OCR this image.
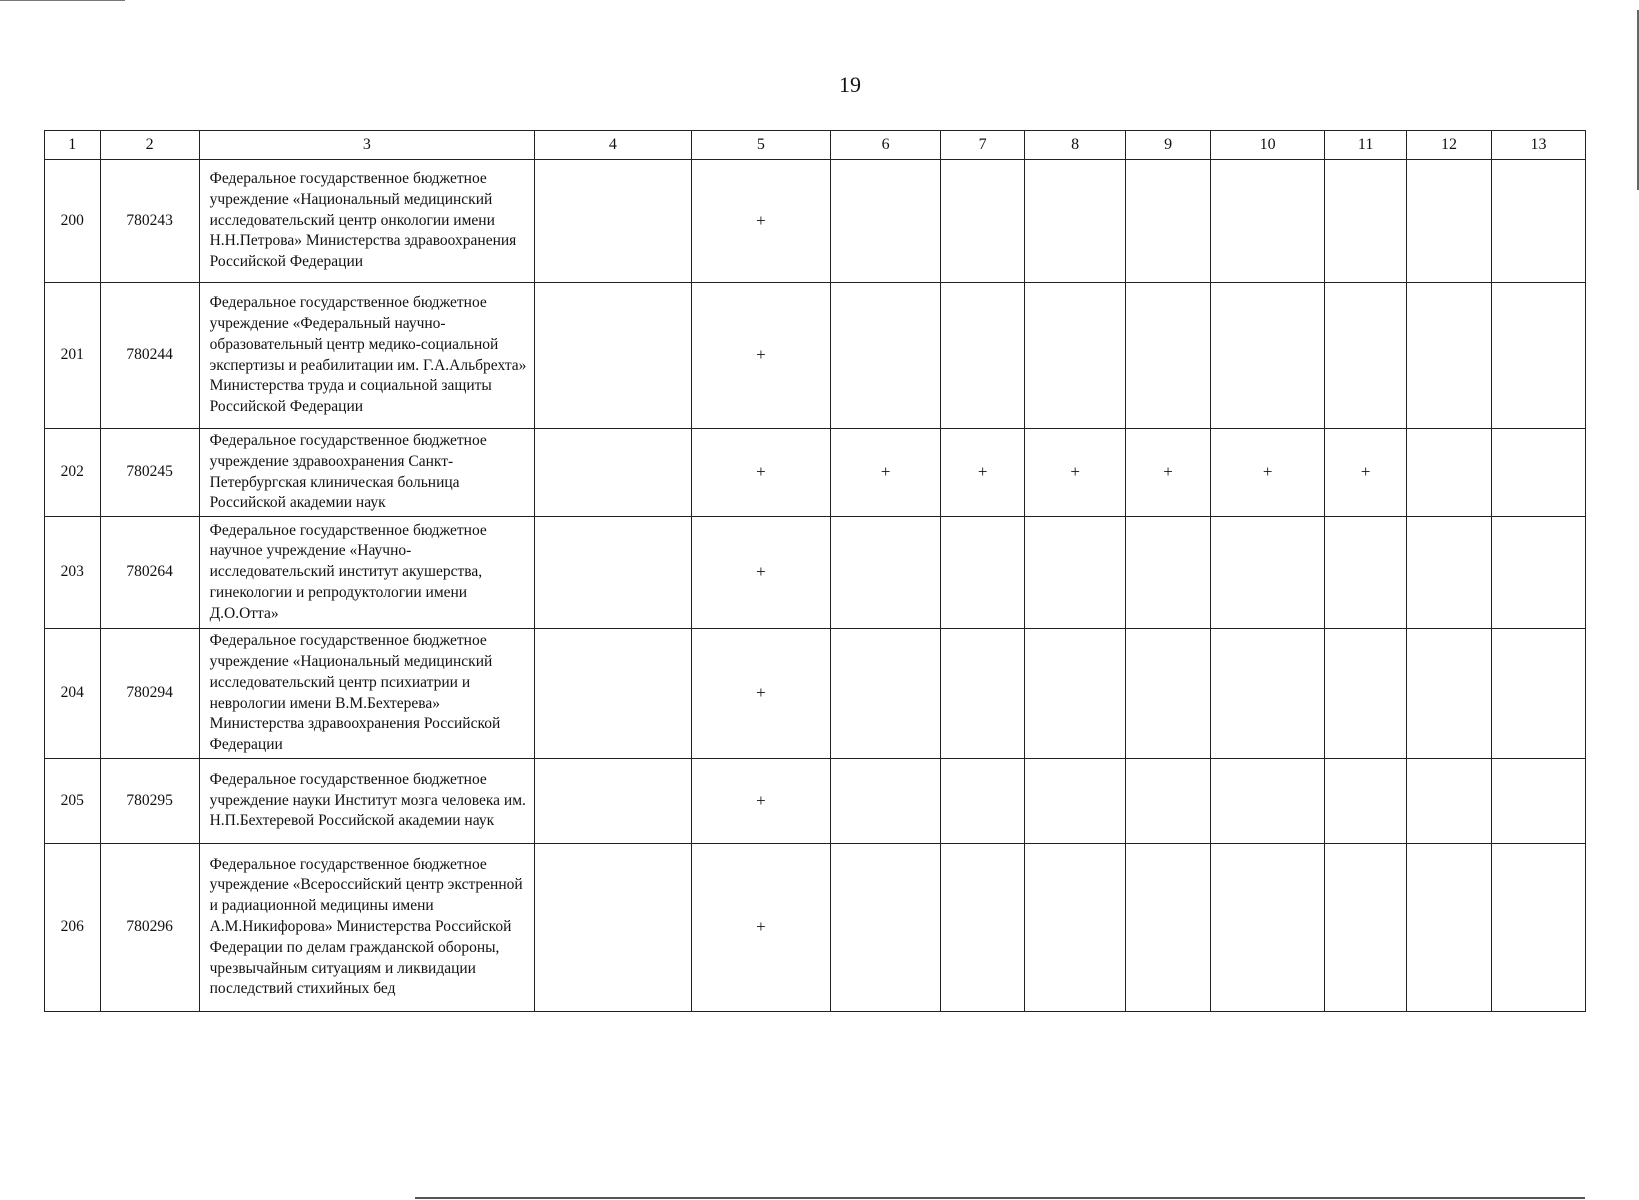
19
1	2	3	4	5	6	7	8	9	10	11	12	13
200	780243	Федеральное государственное бюджетное учреждение «Национальный медицинский исследовательский центр онкологии имени Н.Н.Петрова» Министерства здравоохранения Российской Федерации		+								
201	780244	Федеральное государственное бюджетное учреждение «Федеральный научно-образовательный центр медико-социальной экспертизы и реабилитации им. Г.А.Альбрехта» Министерства труда и социальной защиты Российской Федерации		+								
202	780245	Федеральное государственное бюджетное учреждение здравоохранения Санкт-Петербургская клиническая больница Российской академии наук		+	+	+	+	+	+	+		
203	780264	Федеральное государственное бюджетное научное учреждение «Научно-исследовательский институт акушерства, гинекологии и репродуктологии имени Д.О.Отта»		+								
204	780294	Федеральное государственное бюджетное учреждение «Национальный медицинский исследовательский центр психиатрии и неврологии имени В.М.Бехтерева» Министерства здравоохранения Российской Федерации		+								
205	780295	Федеральное государственное бюджетное учреждение науки Институт мозга человека им. Н.П.Бехтеревой Российской академии наук		+								
206	780296	Федеральное государственное бюджетное учреждение «Всероссийский центр экстренной и радиационной медицины имени А.М.Никифорова» Министерства Российской Федерации по делам гражданской обороны, чрезвычайным ситуациям и ликвидации последствий стихийных бед		+								
